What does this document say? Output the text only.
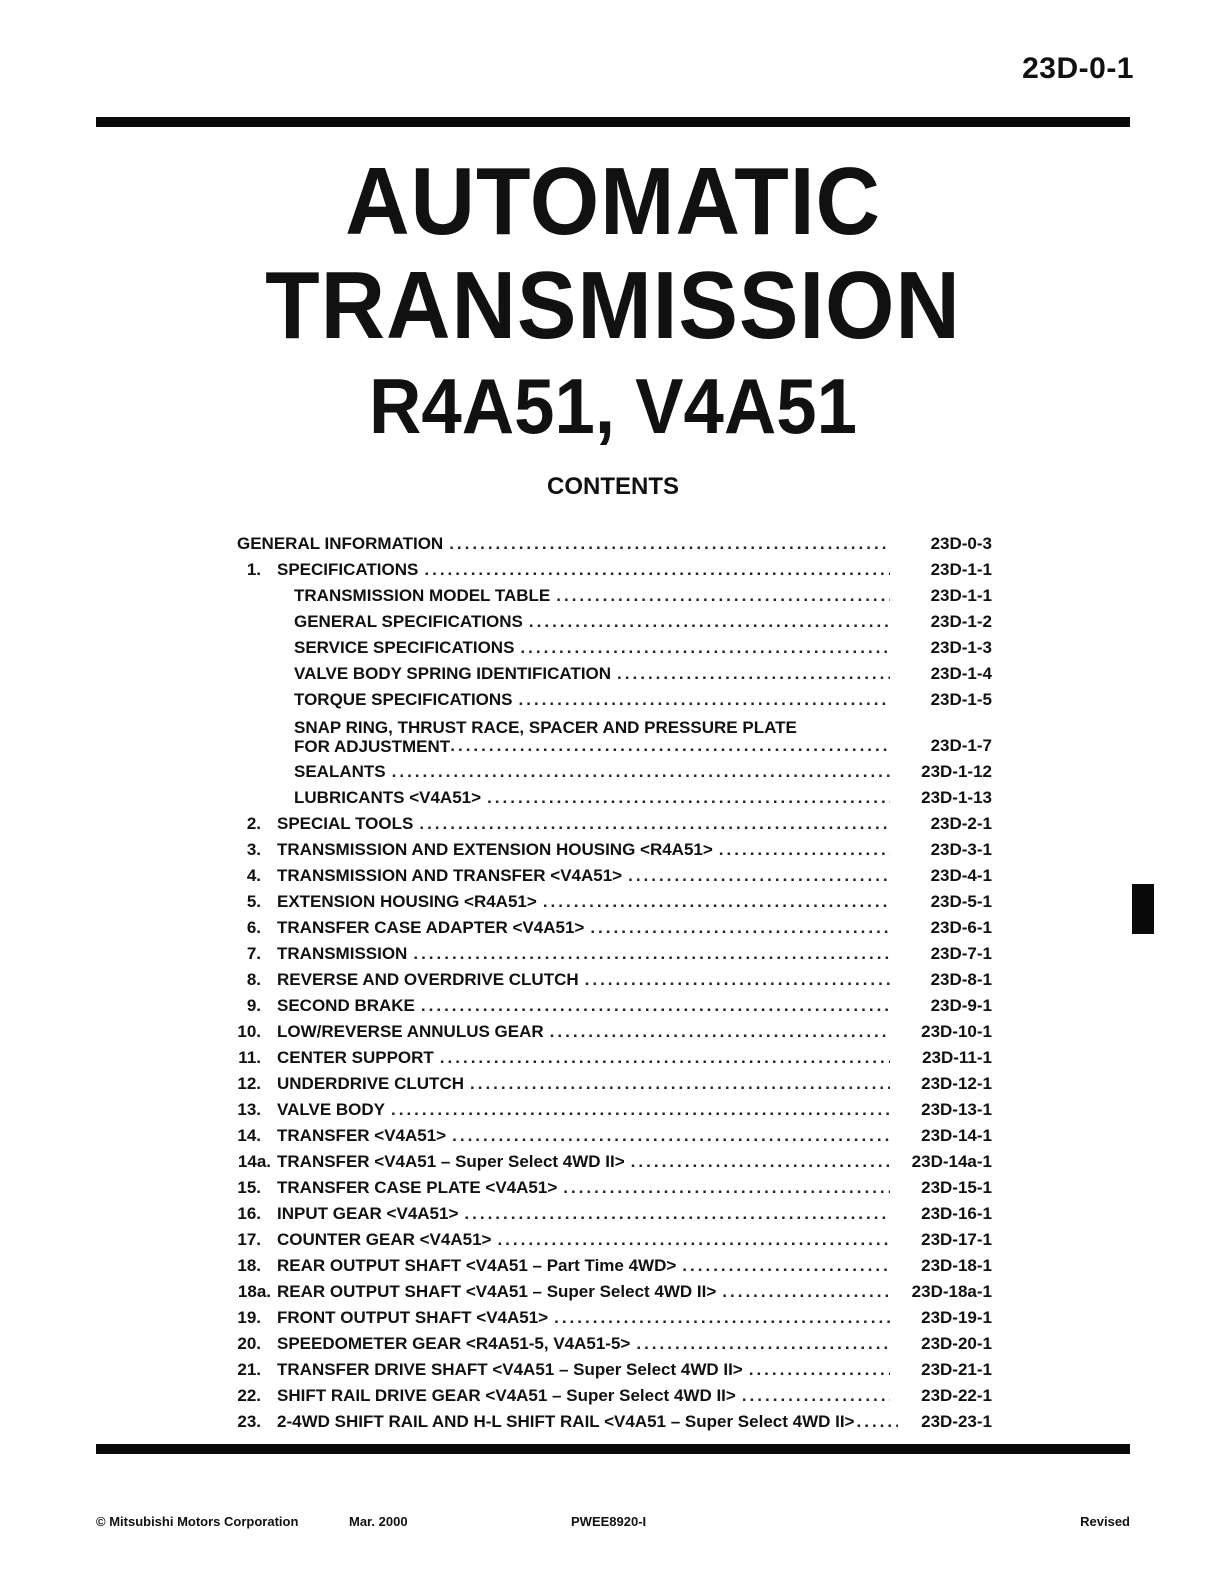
23D-0-1
AUTOMATIC
TRANSMISSION
R4A51, V4A51
CONTENTS
GENERAL INFORMATION .....	23D-0-3
1. SPECIFICATIONS .....	23D-1-1
TRANSMISSION MODEL TABLE .....	23D-1-1
GENERAL SPECIFICATIONS .....	23D-1-2
SERVICE SPECIFICATIONS .....	23D-1-3
VALVE BODY SPRING IDENTIFICATION .....	23D-1-4
TORQUE SPECIFICATIONS .....	23D-1-5
SNAP RING, THRUST RACE, SPACER AND PRESSURE PLATE
FOR ADJUSTMENT .....	23D-1-7
SEALANTS .....	23D-1-12
LUBRICANTS <V4A51> .....	23D-1-13
2. SPECIAL TOOLS .....	23D-2-1
3. TRANSMISSION AND EXTENSION HOUSING <R4A51> .....	23D-3-1
4. TRANSMISSION AND TRANSFER <V4A51> .....	23D-4-1
5. EXTENSION HOUSING <R4A51> .....	23D-5-1
6. TRANSFER CASE ADAPTER <V4A51> .....	23D-6-1
7. TRANSMISSION .....	23D-7-1
8. REVERSE AND OVERDRIVE CLUTCH .....	23D-8-1
9. SECOND BRAKE .....	23D-9-1
10. LOW/REVERSE ANNULUS GEAR .....	23D-10-1
11. CENTER SUPPORT .....	23D-11-1
12. UNDERDRIVE CLUTCH .....	23D-12-1
13. VALVE BODY .....	23D-13-1
14. TRANSFER <V4A51> .....	23D-14-1
14a. TRANSFER <V4A51 – Super Select 4WD II> .....	23D-14a-1
15. TRANSFER CASE PLATE <V4A51> .....	23D-15-1
16. INPUT GEAR <V4A51> .....	23D-16-1
17. COUNTER GEAR <V4A51> .....	23D-17-1
18. REAR OUTPUT SHAFT <V4A51 – Part Time 4WD> .....	23D-18-1
18a. REAR OUTPUT SHAFT <V4A51 – Super Select 4WD II> .....	23D-18a-1
19. FRONT OUTPUT SHAFT <V4A51> .....	23D-19-1
20. SPEEDOMETER GEAR <R4A51-5, V4A51-5> .....	23D-20-1
21. TRANSFER DRIVE SHAFT <V4A51 – Super Select 4WD II> .....	23D-21-1
22. SHIFT RAIL DRIVE GEAR <V4A51 – Super Select 4WD II> .....	23D-22-1
23. 2-4WD SHIFT RAIL AND H-L SHIFT RAIL <V4A51 – Super Select 4WD II> .....	23D-23-1
© Mitsubishi Motors Corporation	Mar. 2000	PWEE8920-I	Revised
